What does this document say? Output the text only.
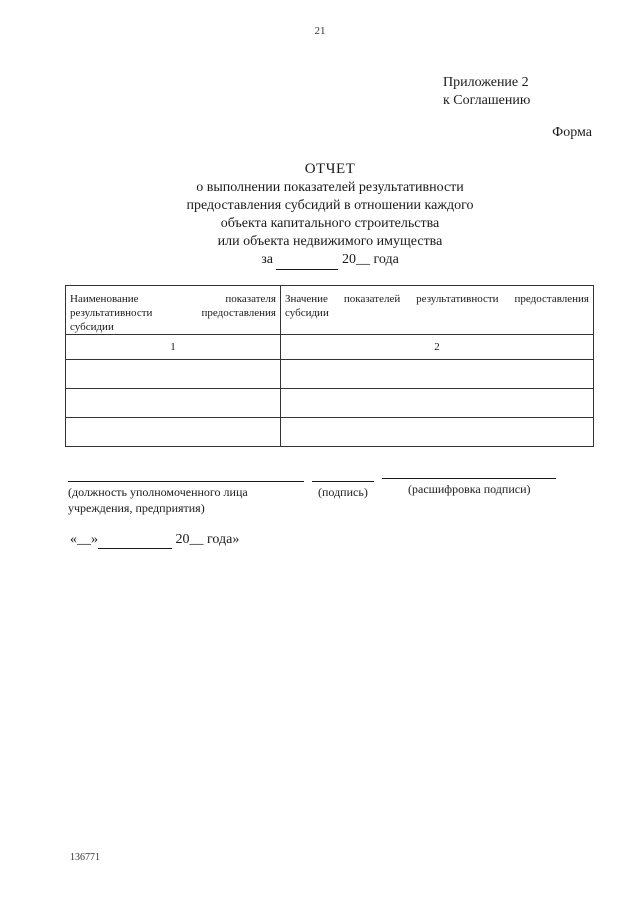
21
Приложение 2
к Соглашению
Форма
ОТЧЕТ
о выполнении показателей результативности
предоставления субсидий в отношении каждого
объекта капитального строительства
или объекта недвижимого имущества
за	20__ года
Наименование показателя результативности предоставления субсидии	Значение показателей результативности предоставления субсидии
1	2

(должность уполномоченного лица
учреждения, предприятия)
(подпись)	(расшифровка подписи)
«__»	20__ года»
136771
